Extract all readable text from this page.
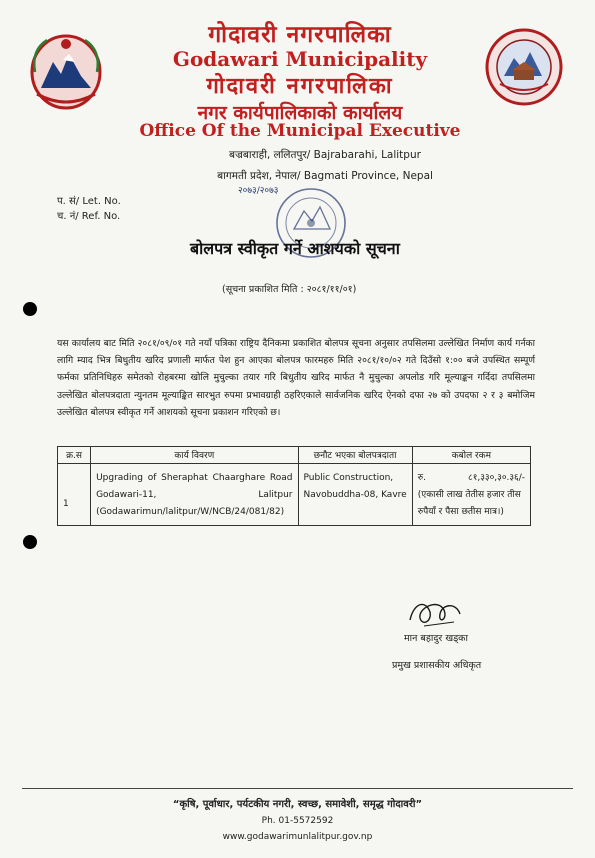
गोदावरी नगरपालिका
Godawari Municipality
गोदावरी नगरपालिका
नगर कार्यपालिकाको कार्यालय
Office Of the Municipal Executive
बज्रबाराही, ललितपुर/ Bajrabarahi, Lalitpur
बागमती प्रदेश, नेपाल/ Bagmati Province, Nepal
प. सं/ Let. No.
च. नं/ Ref. No.
२०७३/२०७३
बोलपत्र स्वीकृत गर्ने आशयको सूचना
(सूचना प्रकाशित मिति : २०८१/११/०१)
यस कार्यालय बाट मिति २०८१/०९/०१ गते नयाँ पत्रिका राष्ट्रिय दैनिकमा प्रकाशित बोलपत्र सूचना अनुसार तपसिलमा उल्लेखित निर्माण कार्य गर्नका लागि म्याद भित्र बिधुतीय खरिद प्रणाली मार्फत पेश हुन आएका बोलपत्र फारमहरु मिति २०८१/१०/०२ गते दिउँसो १:०० बजे उपस्थित सम्पूर्ण फर्मका प्रतिनिधिहरु समेतको रोहबरमा खोलि मुचुल्का तयार गरि बिधुतीय खरिद मार्फत नै मुचुल्का अपलोड गरि मूल्याङ्कन गर्दिदा तपसिलमा उल्लेखित बोलपत्रदाता न्युनतम मूल्याङ्कित सारभुत रुपमा प्रभावग्राही ठहरिएकाले सार्वजनिक खरिद ऐनको दफा २७ को उपदफा २ र ३ बमोजिम उल्लेखित बोलपत्र स्वीकृत गर्ने आशयको सूचना प्रकाशन गरिएको छ।
क्र.स	कार्य विवरण	छनौट भएका बोलपत्रदाता	कबोल रकम
1	Upgrading of Sheraphat Chaarghare Road Godawari-11, Lalitpur (Godawarimun/lalitpur/W/NCB/24/081/82)	Public Construction, Navobuddha-08, Kavre	रु. ८१,३३०,३०.३६/-
(एकासी लाख तेतीस हजार तीस रुपैयाँ र पैसा छतीस मात्र।)
मान बहादुर खड्का
प्रमुख प्रशासकीय अधिकृत
“कृषि, पूर्वाधार, पर्यटकीय नगरी, स्वच्छ, समावेशी, समृद्ध गोदावरी”
Ph. 01-5572592
www.godawarimunlalitpur.gov.np
